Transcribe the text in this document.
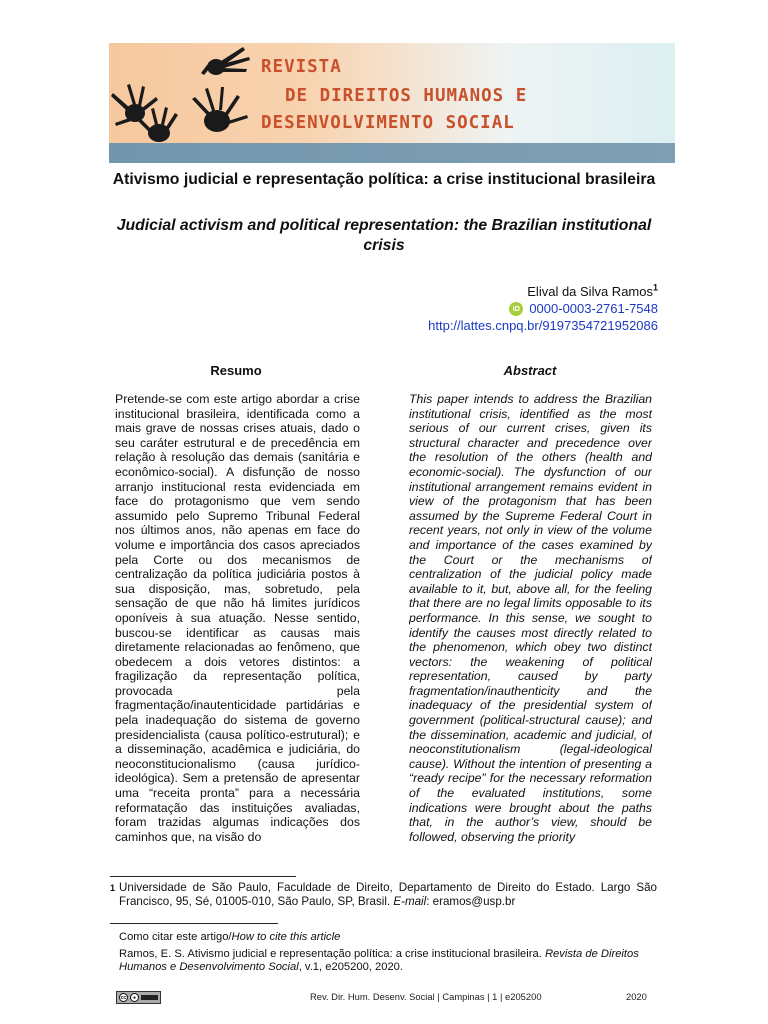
REVISTA
DE DIREITOS HUMANOS E
DESENVOLVIMENTO SOCIAL
Ativismo judicial e representação política: a crise institucional brasileira
Judicial activism and political representation: the Brazilian institutional crisis
Elival da Silva Ramos$^1$
iD 0000-0003-2761-7548
http://lattes.cnpq.br/9197354721952086
Resumo	Abstract
Pretende-se com este artigo abordar a crise institucional brasileira, identificada como a mais grave de nossas crises atuais, dado o seu caráter estrutural e de precedência em relação à resolução das demais (sanitária e econômico-social). A disfunção de nosso arranjo institucional resta evidenciada em face do protagonismo que vem sendo assumido pelo Supremo Tribunal Federal nos últimos anos, não apenas em face do volume e importância dos casos apreciados pela Corte ou dos mecanismos de centralização da política judiciária postos à sua disposição, mas, sobretudo, pela sensação de que não há limites jurídicos oponíveis à sua atuação. Nesse sentido, buscou-se identificar as causas mais diretamente relacionadas ao fenômeno, que obedecem a dois vetores distintos: a fragilização da representação política, provocada pela fragmentação/inautenticidade partidárias e pela inadequação do sistema de governo presidencialista (causa político-estrutural); e a disseminação, acadêmica e judiciária, do neoconstitucionalismo (causa jurídico-ideológica). Sem a pretensão de apresentar uma “receita pronta” para a necessária reformatação das instituições avaliadas, foram trazidas algumas indicações dos caminhos que, na visão do
This paper intends to address the Brazilian institutional crisis, identified as the most serious of our current crises, given its structural character and precedence over the resolution of the others (health and economic-social). The dysfunction of our institutional arrangement remains evident in view of the protagonism that has been assumed by the Supreme Federal Court in recent years, not only in view of the volume and importance of the cases examined by the Court or the mechanisms of centralization of the judicial policy made available to it, but, above all, for the feeling that there are no legal limits opposable to its performance. In this sense, we sought to identify the causes most directly related to the phenomenon, which obey two distinct vectors: the weakening of political representation, caused by party fragmentation/inauthenticity and the inadequacy of the presidential system of government (political-structural cause); and the dissemination, academic and judicial, of neoconstitutionalism (legal-ideological cause). Without the intention of presenting a “ready recipe” for the necessary reformation of the evaluated institutions, some indications were brought about the paths that, in the author’s view, should be followed, observing the priority
1 Universidade de São Paulo, Faculdade de Direito, Departamento de Direito do Estado. Largo São Francisco, 95, Sé, 01005-010, São Paulo, SP, Brasil. E-mail: eramos@usp.br
Como citar este artigo/How to cite this article
Ramos, E. S. Ativismo judicial e representação política: a crise institucional brasileira. Revista de Direitos Humanos e Desenvolvimento Social, v.1, e205200, 2020.
cc	●	Rev. Dir. Hum. Desenv. Social | Campinas | 1 | e205200	2020
